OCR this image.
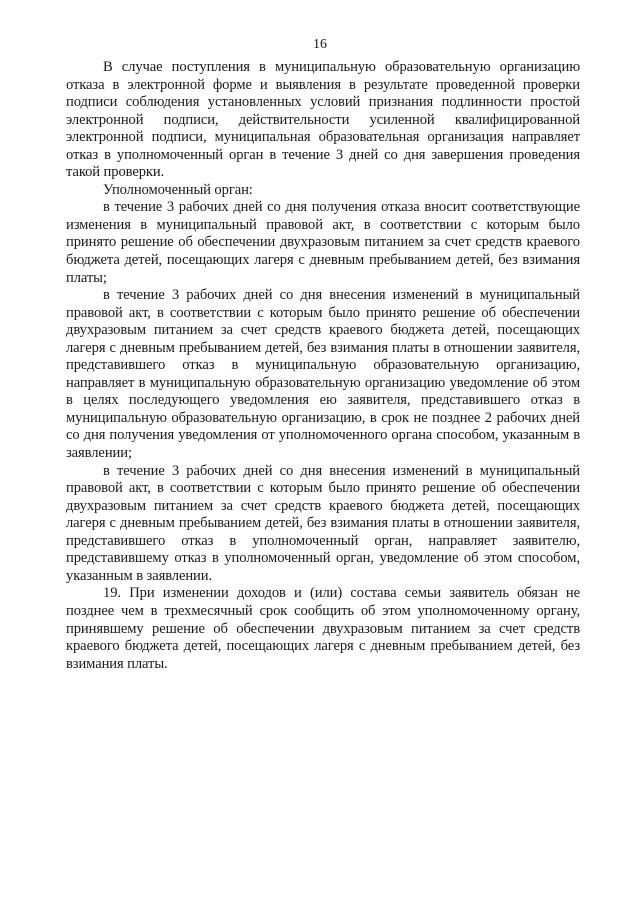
16

В случае поступления в муниципальную образовательную организацию отказа в электронной форме и выявления в результате проведенной проверки подписи соблюдения установленных условий признания подлинности простой электронной подписи, действительности усиленной квалифицированной электронной подписи, муниципальная образовательная организация направляет отказ в уполномоченный орган в течение 3 дней со дня завершения проведения такой проверки.

Уполномоченный орган:

в течение 3 рабочих дней со дня получения отказа вносит соответствующие изменения в муниципальный правовой акт, в соответствии с которым было принято решение об обеспечении двухразовым питанием за счет средств краевого бюджета детей, посещающих лагеря с дневным пребыванием детей, без взимания платы;

в течение 3 рабочих дней со дня внесения изменений в муниципальный правовой акт, в соответствии с которым было принято решение об обеспечении двухразовым питанием за счет средств краевого бюджета детей, посещающих лагеря с дневным пребыванием детей, без взимания платы в отношении заявителя, представившего отказ в муниципальную образовательную организацию, направляет в муниципальную образовательную организацию уведомление об этом в целях последующего уведомления ею заявителя, представившего отказ в муниципальную образовательную организацию, в срок не позднее 2 рабочих дней со дня получения уведомления от уполномоченного органа способом, указанным в заявлении;

в течение 3 рабочих дней со дня внесения изменений в муниципальный правовой акт, в соответствии с которым было принято решение об обеспечении двухразовым питанием за счет средств краевого бюджета детей, посещающих лагеря с дневным пребыванием детей, без взимания платы в отношении заявителя, представившего отказ в уполномоченный орган, направляет заявителю, представившему отказ в уполномоченный орган, уведомление об этом способом, указанным в заявлении.

19. При изменении доходов и (или) состава семьи заявитель обязан не позднее чем в трехмесячный срок сообщить об этом уполномоченному органу, принявшему решение об обеспечении двухразовым питанием за счет средств краевого бюджета детей, посещающих лагеря с дневным пребыванием детей, без взимания платы.
